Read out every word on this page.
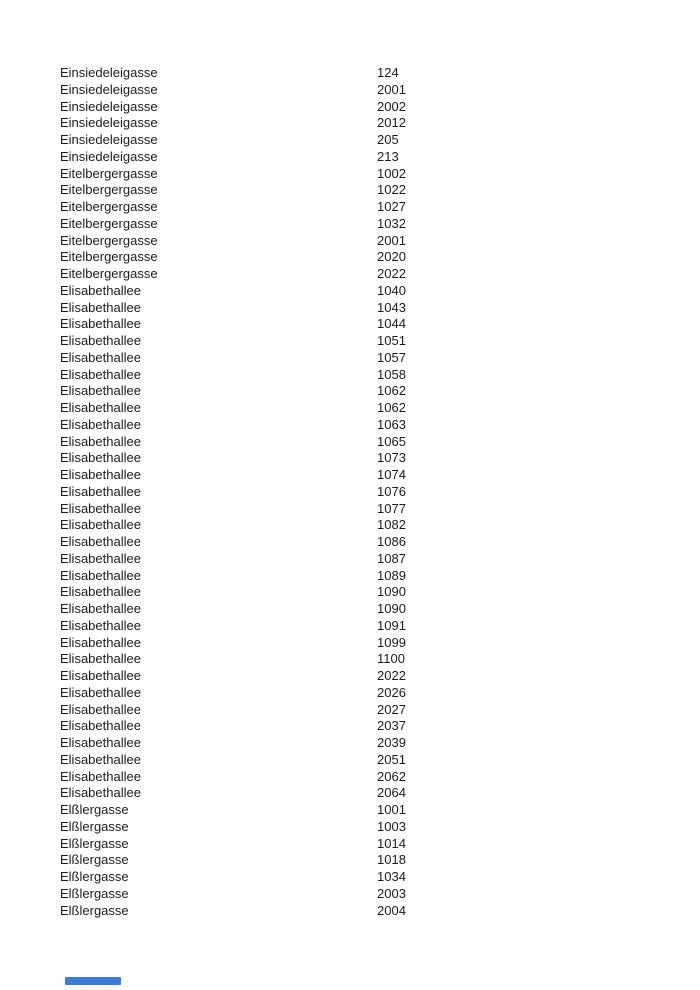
Einsiedeleigasse	124
Einsiedeleigasse	2001
Einsiedeleigasse	2002
Einsiedeleigasse	2012
Einsiedeleigasse	205
Einsiedeleigasse	213
Eitelbergergasse	1002
Eitelbergergasse	1022
Eitelbergergasse	1027
Eitelbergergasse	1032
Eitelbergergasse	2001
Eitelbergergasse	2020
Eitelbergergasse	2022
Elisabethallee	1040
Elisabethallee	1043
Elisabethallee	1044
Elisabethallee	1051
Elisabethallee	1057
Elisabethallee	1058
Elisabethallee	1062
Elisabethallee	1062
Elisabethallee	1063
Elisabethallee	1065
Elisabethallee	1073
Elisabethallee	1074
Elisabethallee	1076
Elisabethallee	1077
Elisabethallee	1082
Elisabethallee	1086
Elisabethallee	1087
Elisabethallee	1089
Elisabethallee	1090
Elisabethallee	1090
Elisabethallee	1091
Elisabethallee	1099
Elisabethallee	1100
Elisabethallee	2022
Elisabethallee	2026
Elisabethallee	2027
Elisabethallee	2037
Elisabethallee	2039
Elisabethallee	2051
Elisabethallee	2062
Elisabethallee	2064
Elßlergasse	1001
Elßlergasse	1003
Elßlergasse	1014
Elßlergasse	1018
Elßlergasse	1034
Elßlergasse	2003
Elßlergasse	2004
